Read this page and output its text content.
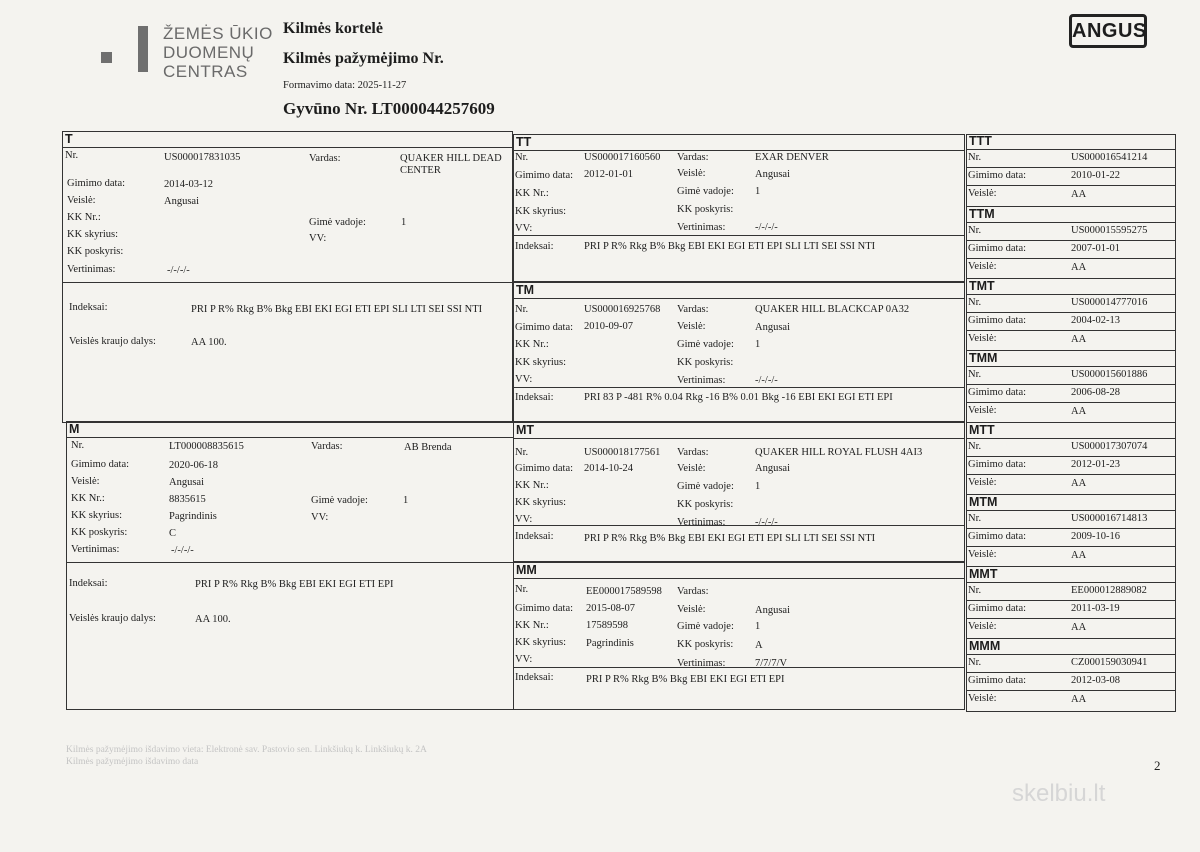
ŽEMĖS ŪKIO
DUOMENŲ
CENTRAS
Kilmės kortelė
Kilmės pažymėjimo Nr.
Formavimo data: 2025-11-27
Gyvūno Nr. LT000044257609
ANGUS
T
Nr.	US000017831035	Vardas:	QUAKER HILL DEAD CENTER
Gimimo data:	2014-03-12
Veislė:	Angusai
KK Nr.:	Gimė vadoje:	1
KK skyrius:	VV:
KK poskyris:
Vertinimas:	-/-/-/-
Indeksai:	PRI P R% Rkg B% Bkg EBI EKI EGI ETI EPI SLI LTI SEI SSI NTI
Veislės kraujo dalys:	AA 100.
M
Nr.	LT000008835615	Vardas:	AB Brenda
Gimimo data:	2020-06-18
Veislė:	Angusai
KK Nr.:	8835615	Gimė vadoje:	1
KK skyrius:	Pagrindinis	VV:
KK poskyris:	C
Vertinimas:	-/-/-/-
Indeksai:	PRI P R% Rkg B% Bkg EBI EKI EGI ETI EPI
Veislės kraujo dalys:	AA 100.
TT
Nr.	US000017160560 Vardas:	EXAR DENVER
Gimimo data: 2012-01-01	Veislė:	Angusai
KK Nr.:	Gimė vadoje: 1
KK skyrius:	KK poskyris:
VV:	Vertinimas:	-/-/-/-
Indeksai:	PRI P R% Rkg B% Bkg EBI EKI EGI ETI EPI SLI LTI SEI SSI NTI
TM
Nr.	US000016925768 Vardas:	QUAKER HILL BLACKCAP 0A32
Gimimo data: 2010-09-07	Veislė:	Angusai
KK Nr.:	Gimė vadoje: 1
KK skyrius:	KK poskyris:
VV:	Vertinimas:	-/-/-/-
Indeksai:	PRI 83 P -481 R% 0.04 Rkg -16 B% 0.01 Bkg -16 EBI EKI EGI ETI EPI
MT
Nr.	US000018177561 Vardas:	QUAKER HILL ROYAL FLUSH 4AI3
Gimimo data: 2014-10-24	Veislė:	Angusai
KK Nr.:	Gimė vadoje: 1
KK skyrius:	KK poskyris:
VV:	Vertinimas:	-/-/-/-
Indeksai:	PRI P R% Rkg B% Bkg EBI EKI EGI ETI EPI SLI LTI SEI SSI NTI
MM
Nr.	EE000017589598 Vardas:
Gimimo data: 2015-08-07	Veislė:	Angusai
KK Nr.:	17589598	Gimė vadoje: 1
KK skyrius: Pagrindinis	KK poskyris: A
VV:	Vertinimas:	7/7/7/V
Indeksai:	PRI P R% Rkg B% Bkg EBI EKI EGI ETI EPI
TTT
Nr.	US000016541214
Gimimo data:	2010-01-22
Veislė:	AA
TTM
Nr.	US000015595275
Gimimo data:	2007-01-01
Veislė:	AA
TMT
Nr.	US000014777016
Gimimo data:	2004-02-13
Veislė:	AA
TMM
Nr.	US000015601886
Gimimo data:	2006-08-28
Veislė:	AA
MTT
Nr.	US000017307074
Gimimo data:	2012-01-23
Veislė:	AA
MTM
Nr.	US000016714813
Gimimo data:	2009-10-16
Veislė:	AA
MMT
Nr.	EE000012889082
Gimimo data:	2011-03-19
Veislė:	AA
MMM
Nr.	CZ000159030941
Gimimo data:	2012-03-08
Veislė:	AA
Kilmės pažymėjimo išdavimo vieta: Elektronė sav. Pastovio sen. Linkšiukų k. Linkšiukų k. 2A
Kilmės pažymėjimo išdavimo data	2
skelbiu.lt
